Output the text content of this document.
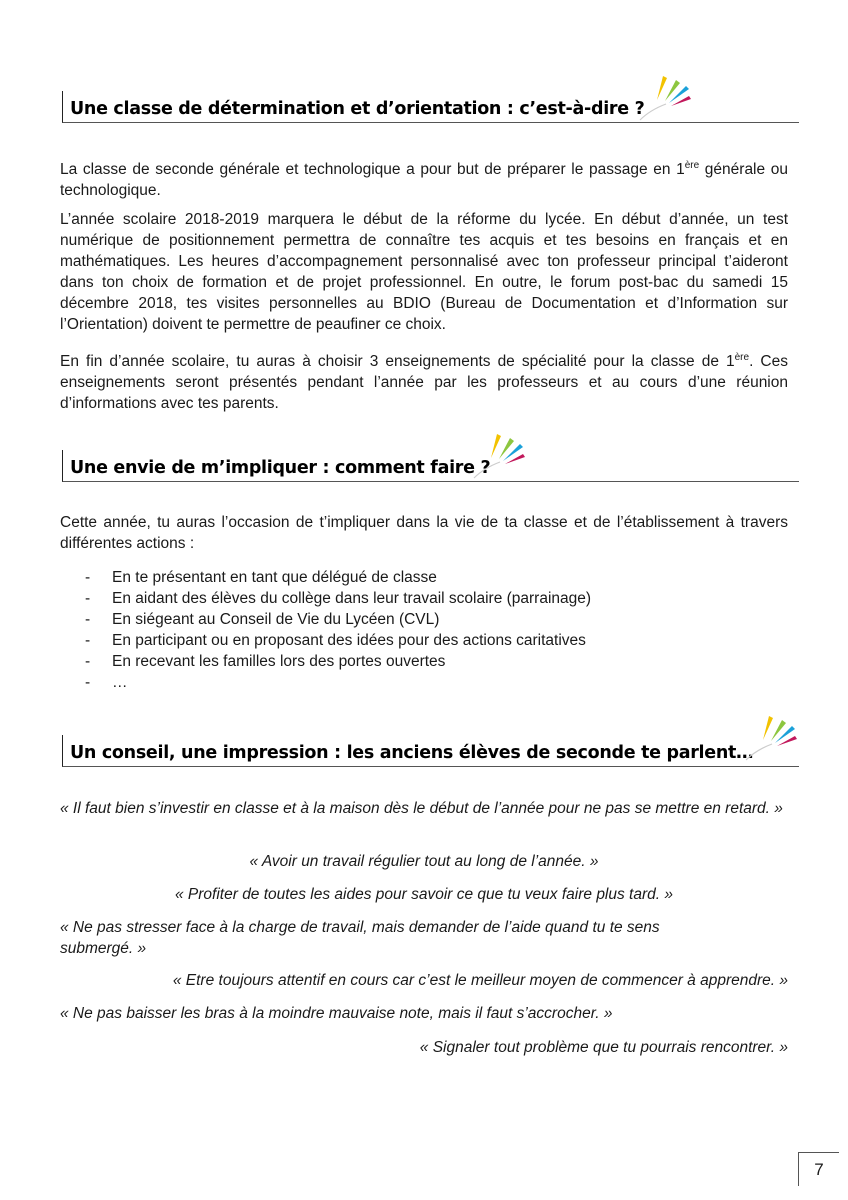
Une classe de détermination et d’orientation : c’est-à-dire ?

La classe de seconde générale et technologique a pour but de préparer le passage en 1ère générale ou technologique.

L’année scolaire 2018-2019 marquera le début de la réforme du lycée. En début d’année, un test numérique de positionnement permettra de connaître tes acquis et tes besoins en français et en mathématiques. Les heures d’accompagnement personnalisé avec ton professeur principal t’aideront dans ton choix de formation et de projet professionnel. En outre, le forum post-bac du samedi 15 décembre 2018, tes visites personnelles au BDIO (Bureau de Documentation et d’Information sur l’Orientation) doivent te permettre de peaufiner ce choix.

En fin d’année scolaire, tu auras à choisir 3 enseignements de spécialité pour la classe de 1ère. Ces enseignements seront présentés pendant l’année par les professeurs et au cours d’une réunion d’informations avec tes parents.

Une envie de m’impliquer : comment faire ?

Cette année, tu auras l’occasion de t’impliquer dans la vie de ta classe et de l’établissement à travers différentes actions :

- En te présentant en tant que délégué de classe
- En aidant des élèves du collège dans leur travail scolaire (parrainage)
- En siégeant au Conseil de Vie du Lycéen (CVL)
- En participant ou en proposant des idées pour des actions caritatives
- En recevant les familles lors des portes ouvertes
- …
Un conseil, une impression : les anciens élèves de seconde te parlent…
« Il faut bien s’investir en classe et à la maison dès le début de l’année pour ne pas se mettre en retard. »
« Avoir un travail régulier tout au long de l’année. »
« Profiter de toutes les aides pour savoir ce que tu veux faire plus tard. »
« Ne pas stresser face à la charge de travail, mais demander de l’aide quand tu te sens submergé. »
« Etre toujours attentif en cours car c’est le meilleur moyen de commencer à apprendre. »
« Ne pas baisser les bras à la moindre mauvaise note, mais il faut s’accrocher. »
« Signaler tout problème que tu pourrais rencontrer. »
7
